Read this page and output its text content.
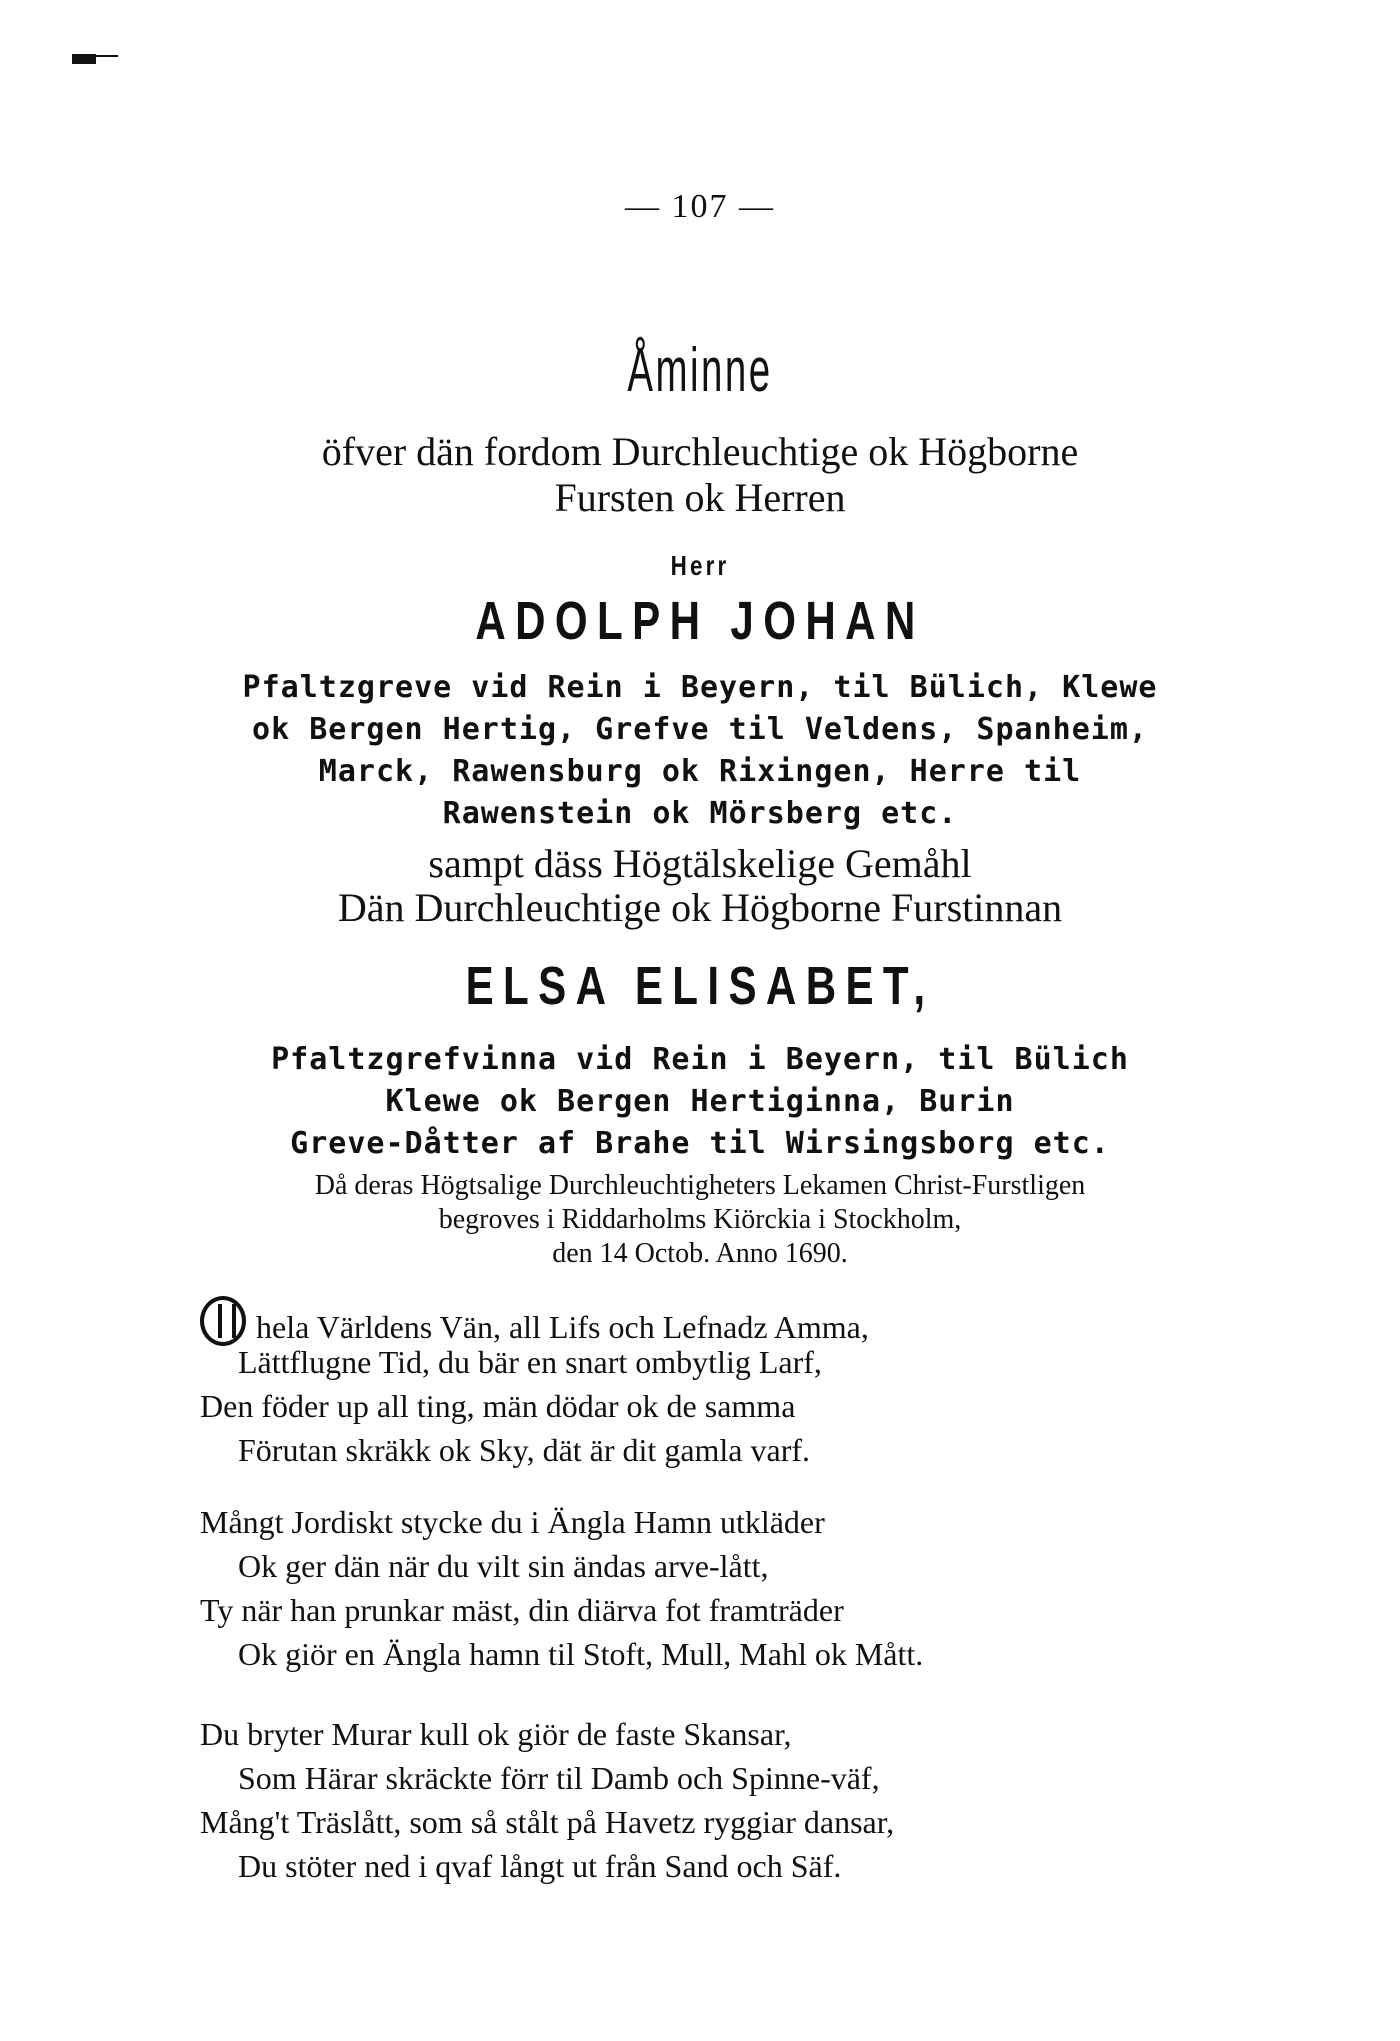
— 107 —
Åminne
öfver dän fordom Durchleuchtige ok Högborne
Fursten ok Herren
Herr
ADOLPH JOHAN
Pfaltzgreve vid Rein i Beyern, til Bülich, Klewe
ok Bergen Hertig, Grefve til Veldens, Spanheim,
Marck, Rawensburg ok Rixingen, Herre til
Rawenstein ok Mörsberg etc.
sampt däss Högtälskelige Gemåhl
Dän Durchleuchtige ok Högborne Furstinnan
ELSA ELISABET,
Pfaltzgrefvinna vid Rein i Beyern, til Bülich
Klewe ok Bergen Hertiginna, Burin
Greve-Dåtter af Brahe til Wirsingsborg etc.
Då deras Högtsalige Durchleuchtigheters Lekamen Christ-Furstligen
begroves i Riddarholms Kiörckia i Stockholm,
den 14 Octob. Anno 1690.
hela Världens Vän, all Lifs och Lefnadz Amma,
Lättflugne Tid, du bär en snart ombytlig Larf,
Den föder up all ting, män dödar ok de samma
Förutan skräkk ok Sky, dät är dit gamla varf.
Mångt Jordiskt stycke du i Ängla Hamn utkläder
Ok ger dän när du vilt sin ändas arve-lått,
Ty när han prunkar mäst, din diärva fot framträder
Ok giör en Ängla hamn til Stoft, Mull, Mahl ok Mått.
Du bryter Murar kull ok giör de faste Skansar,
Som Härar skräckte förr til Damb och Spinne-väf,
Mång't Träslått, som så stålt på Havetz ryggiar dansar,
Du stöter ned i qvaf långt ut från Sand och Säf.
